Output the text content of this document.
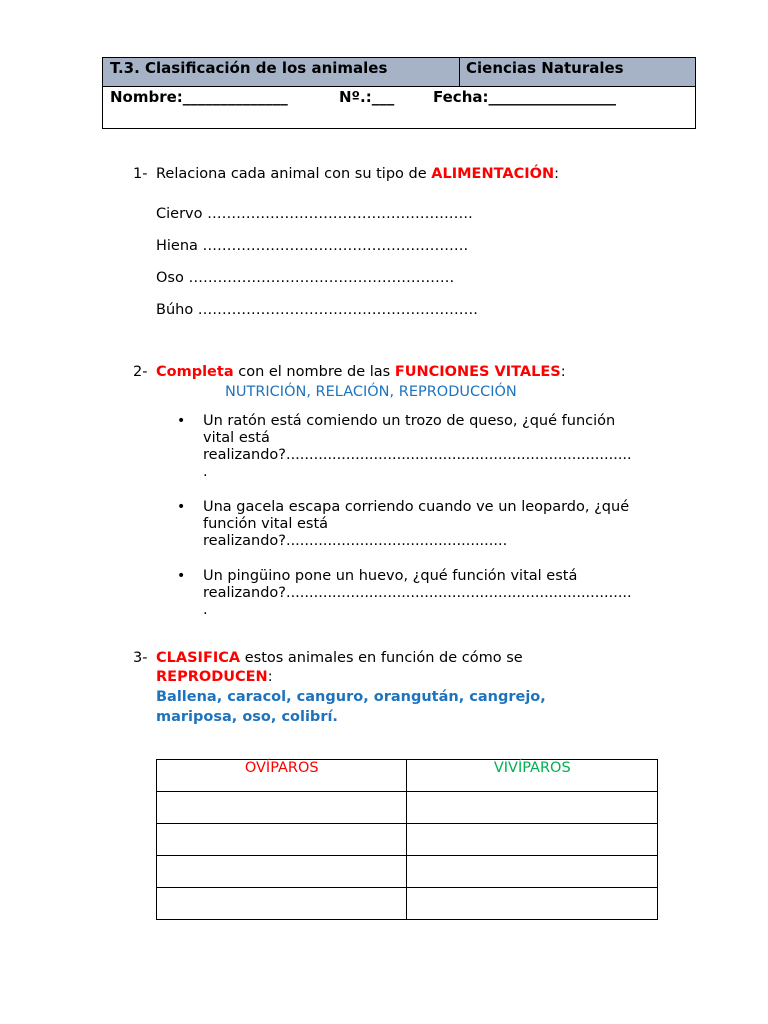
T.3. Clasificación de los animales	Ciencias Naturales
Nombre:______________	Nº.:___	Fecha:_________________
1- Relaciona cada animal con su tipo de ALIMENTACIÓN:
Ciervo ……………………………………………….
Hiena ……………………………………………….
Oso ……………………………………………….
Búho ………………………………………………….
2- Completa con el nombre de las FUNCIONES VITALES:
NUTRICIÓN, RELACIÓN, REPRODUCCIÓN
• Un ratón está comiendo un trozo de queso, ¿qué función
vital está
realizando?...........................................................................
.
• Una gacela escapa corriendo cuando ve un leopardo, ¿qué
función vital está
realizando?................................................
• Un pingüino pone un huevo, ¿qué función vital está
realizando?...........................................................................
.
3- CLASIFICA estos animales en función de cómo se
REPRODUCEN:
Ballena, caracol, canguro, orangután, cangrejo,
mariposa, oso, colibrí.
OVÍPAROS	VIVÍPAROS
